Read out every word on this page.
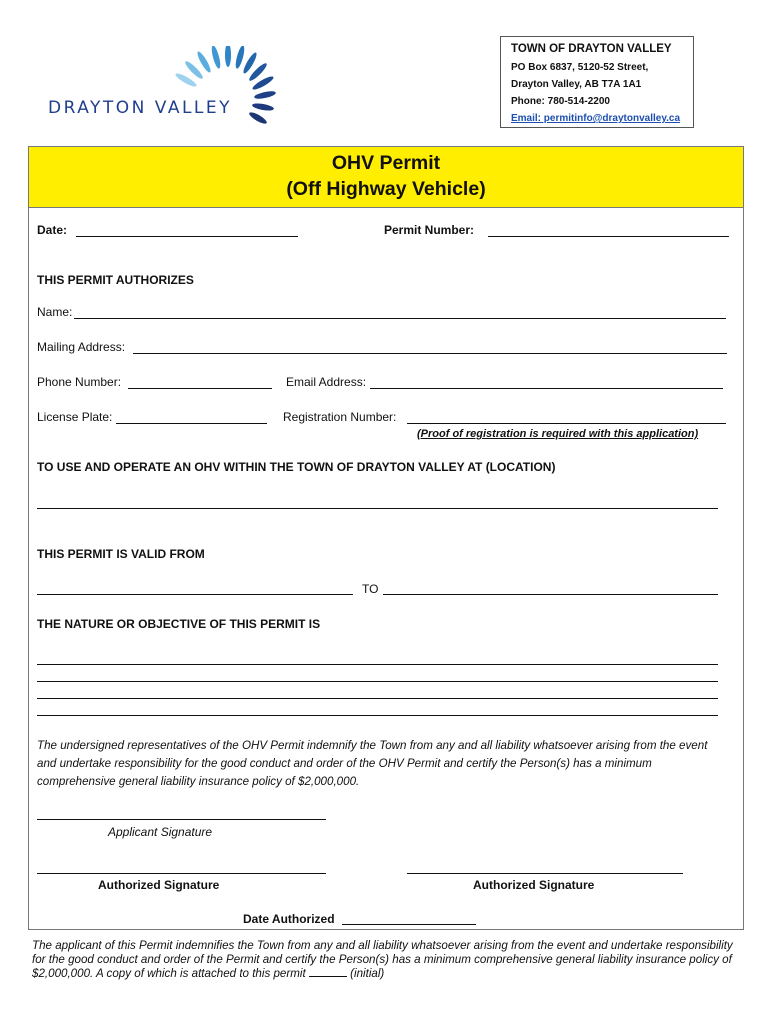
DRAYTON VALLEY
TOWN OF DRAYTON VALLEY
PO Box 6837, 5120-52 Street,
Drayton Valley, AB T7A 1A1
Phone: 780-514-2200
Email: permitinfo@draytonvalley.ca
OHV Permit
(Off Highway Vehicle)
Date:	Permit Number:
THIS PERMIT AUTHORIZES
Name:
Mailing Address:
Phone Number:	Email Address:
License Plate:	Registration Number:
(Proof of registration is required with this application)
TO USE AND OPERATE AN OHV WITHIN THE TOWN OF DRAYTON VALLEY AT (LOCATION)
THIS PERMIT IS VALID FROM
TO
THE NATURE OR OBJECTIVE OF THIS PERMIT IS
The undersigned representatives of the OHV Permit indemnify the Town from any and all liability whatsoever arising from the event and undertake responsibility for the good conduct and order of the OHV Permit and certify the Person(s) has a minimum comprehensive general liability insurance policy of $2,000,000.
Applicant Signature
Authorized Signature	Authorized Signature
Date Authorized
The applicant of this Permit indemnifies the Town from any and all liability whatsoever arising from the event and undertake responsibility for the good conduct and order of the Permit and certify the Person(s) has a minimum comprehensive general liability insurance policy of $2,000,000. A copy of which is attached to this permit	(initial)
